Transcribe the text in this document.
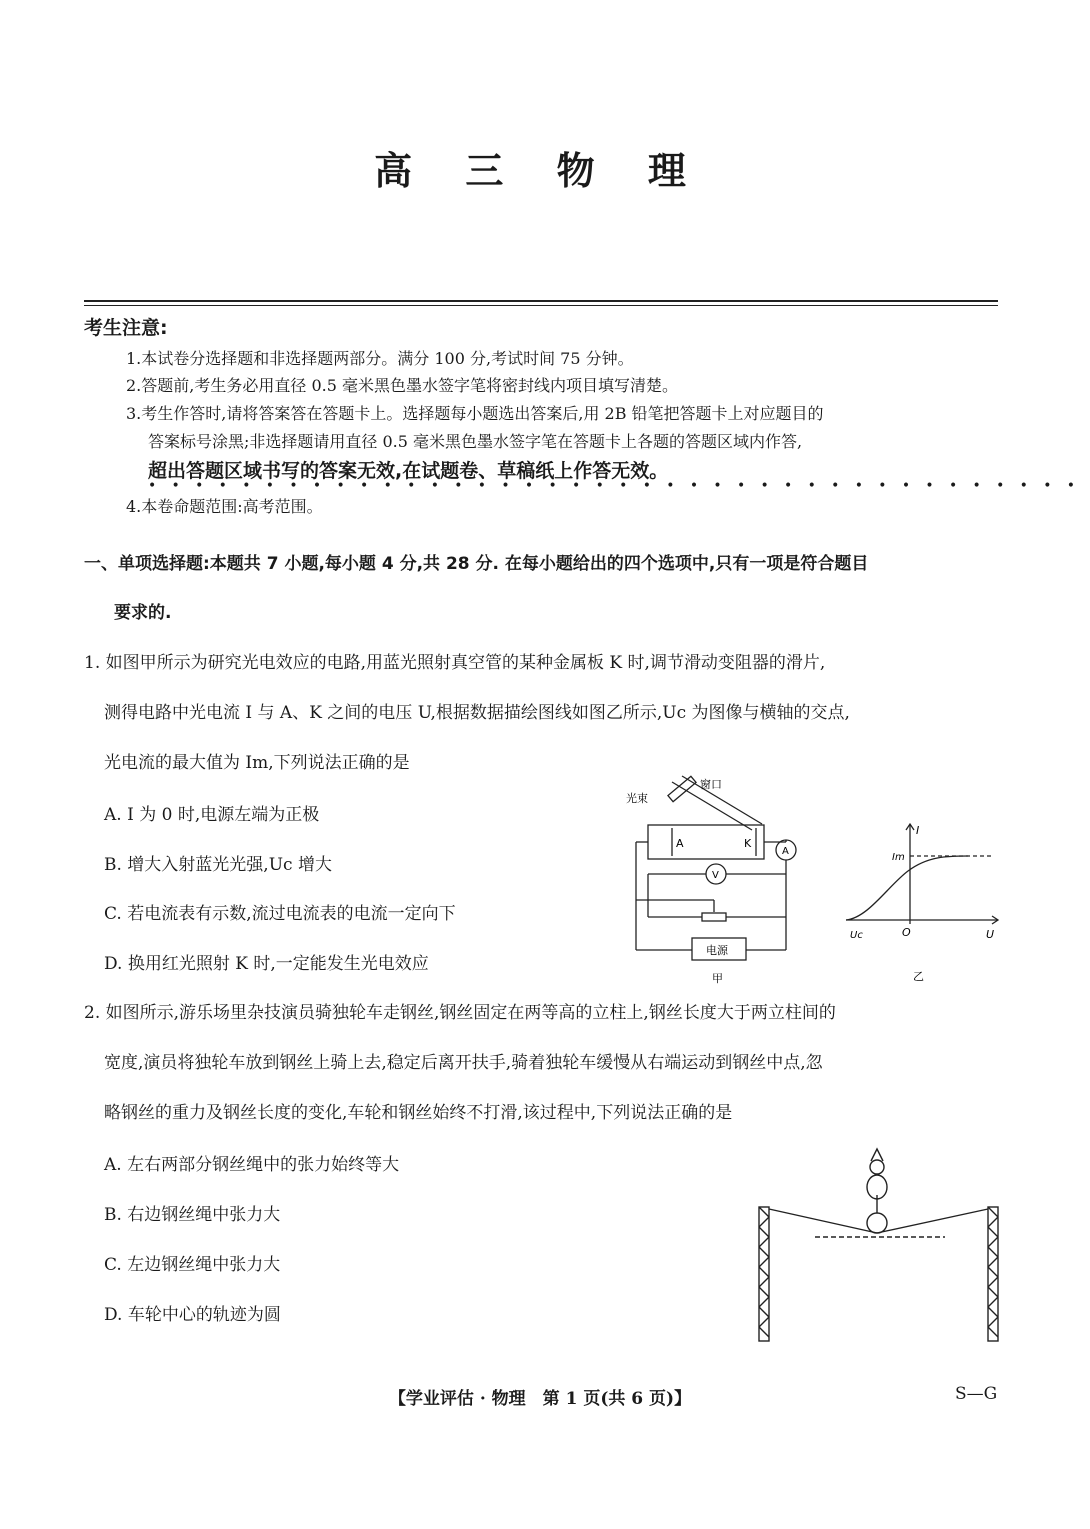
高 三 物 理
考生注意:
1.本试卷分选择题和非选择题两部分。满分 100 分,考试时间 75 分钟。
2.答题前,考生务必用直径 0.5 毫米黑色墨水签字笔将密封线内项目填写清楚。
3.考生作答时,请将答案答在答题卡上。选择题每小题选出答案后,用 2B 铅笔把答题卡上对应题目的
答案标号涂黑;非选择题请用直径 0.5 毫米黑色墨水签字笔在答题卡上各题的答题区域内作答,
超出答题区域书写的答案无效,在试题卷、草稿纸上作答无效。
••••••••••••••••••••••••••••••••••••••••
4.本卷命题范围:高考范围。
一、单项选择题:本题共 7 小题,每小题 4 分,共 28 分. 在每小题给出的四个选项中,只有一项是符合题目
要求的.
1. 如图甲所示为研究光电效应的电路,用蓝光照射真空管的某种金属板 K 时,调节滑动变阻器的滑片,
测得电路中光电流 I 与 A、K 之间的电压 U,根据数据描绘图线如图乙所示,Uc 为图像与横轴的交点,
光电流的最大值为 Im,下列说法正确的是
A. I 为 0 时,电源左端为正极
B. 增大入射蓝光光强,Uc 增大
C. 若电流表有示数,流过电流表的电流一定向下
D. 换用红光照射 K 时,一定能发生光电效应
光束
窗口
A	K
A
V
电源
甲
I
U
O
Uc
Im
乙
2. 如图所示,游乐场里杂技演员骑独轮车走钢丝,钢丝固定在两等高的立柱上,钢丝长度大于两立柱间的
宽度,演员将独轮车放到钢丝上骑上去,稳定后离开扶手,骑着独轮车缓慢从右端运动到钢丝中点,忽
略钢丝的重力及钢丝长度的变化,车轮和钢丝始终不打滑,该过程中,下列说法正确的是
A. 左右两部分钢丝绳中的张力始终等大
B. 右边钢丝绳中张力大
C. 左边钢丝绳中张力大
D. 车轮中心的轨迹为圆
【学业评估 · 物理　第 1 页(共 6 页)】	S—G
